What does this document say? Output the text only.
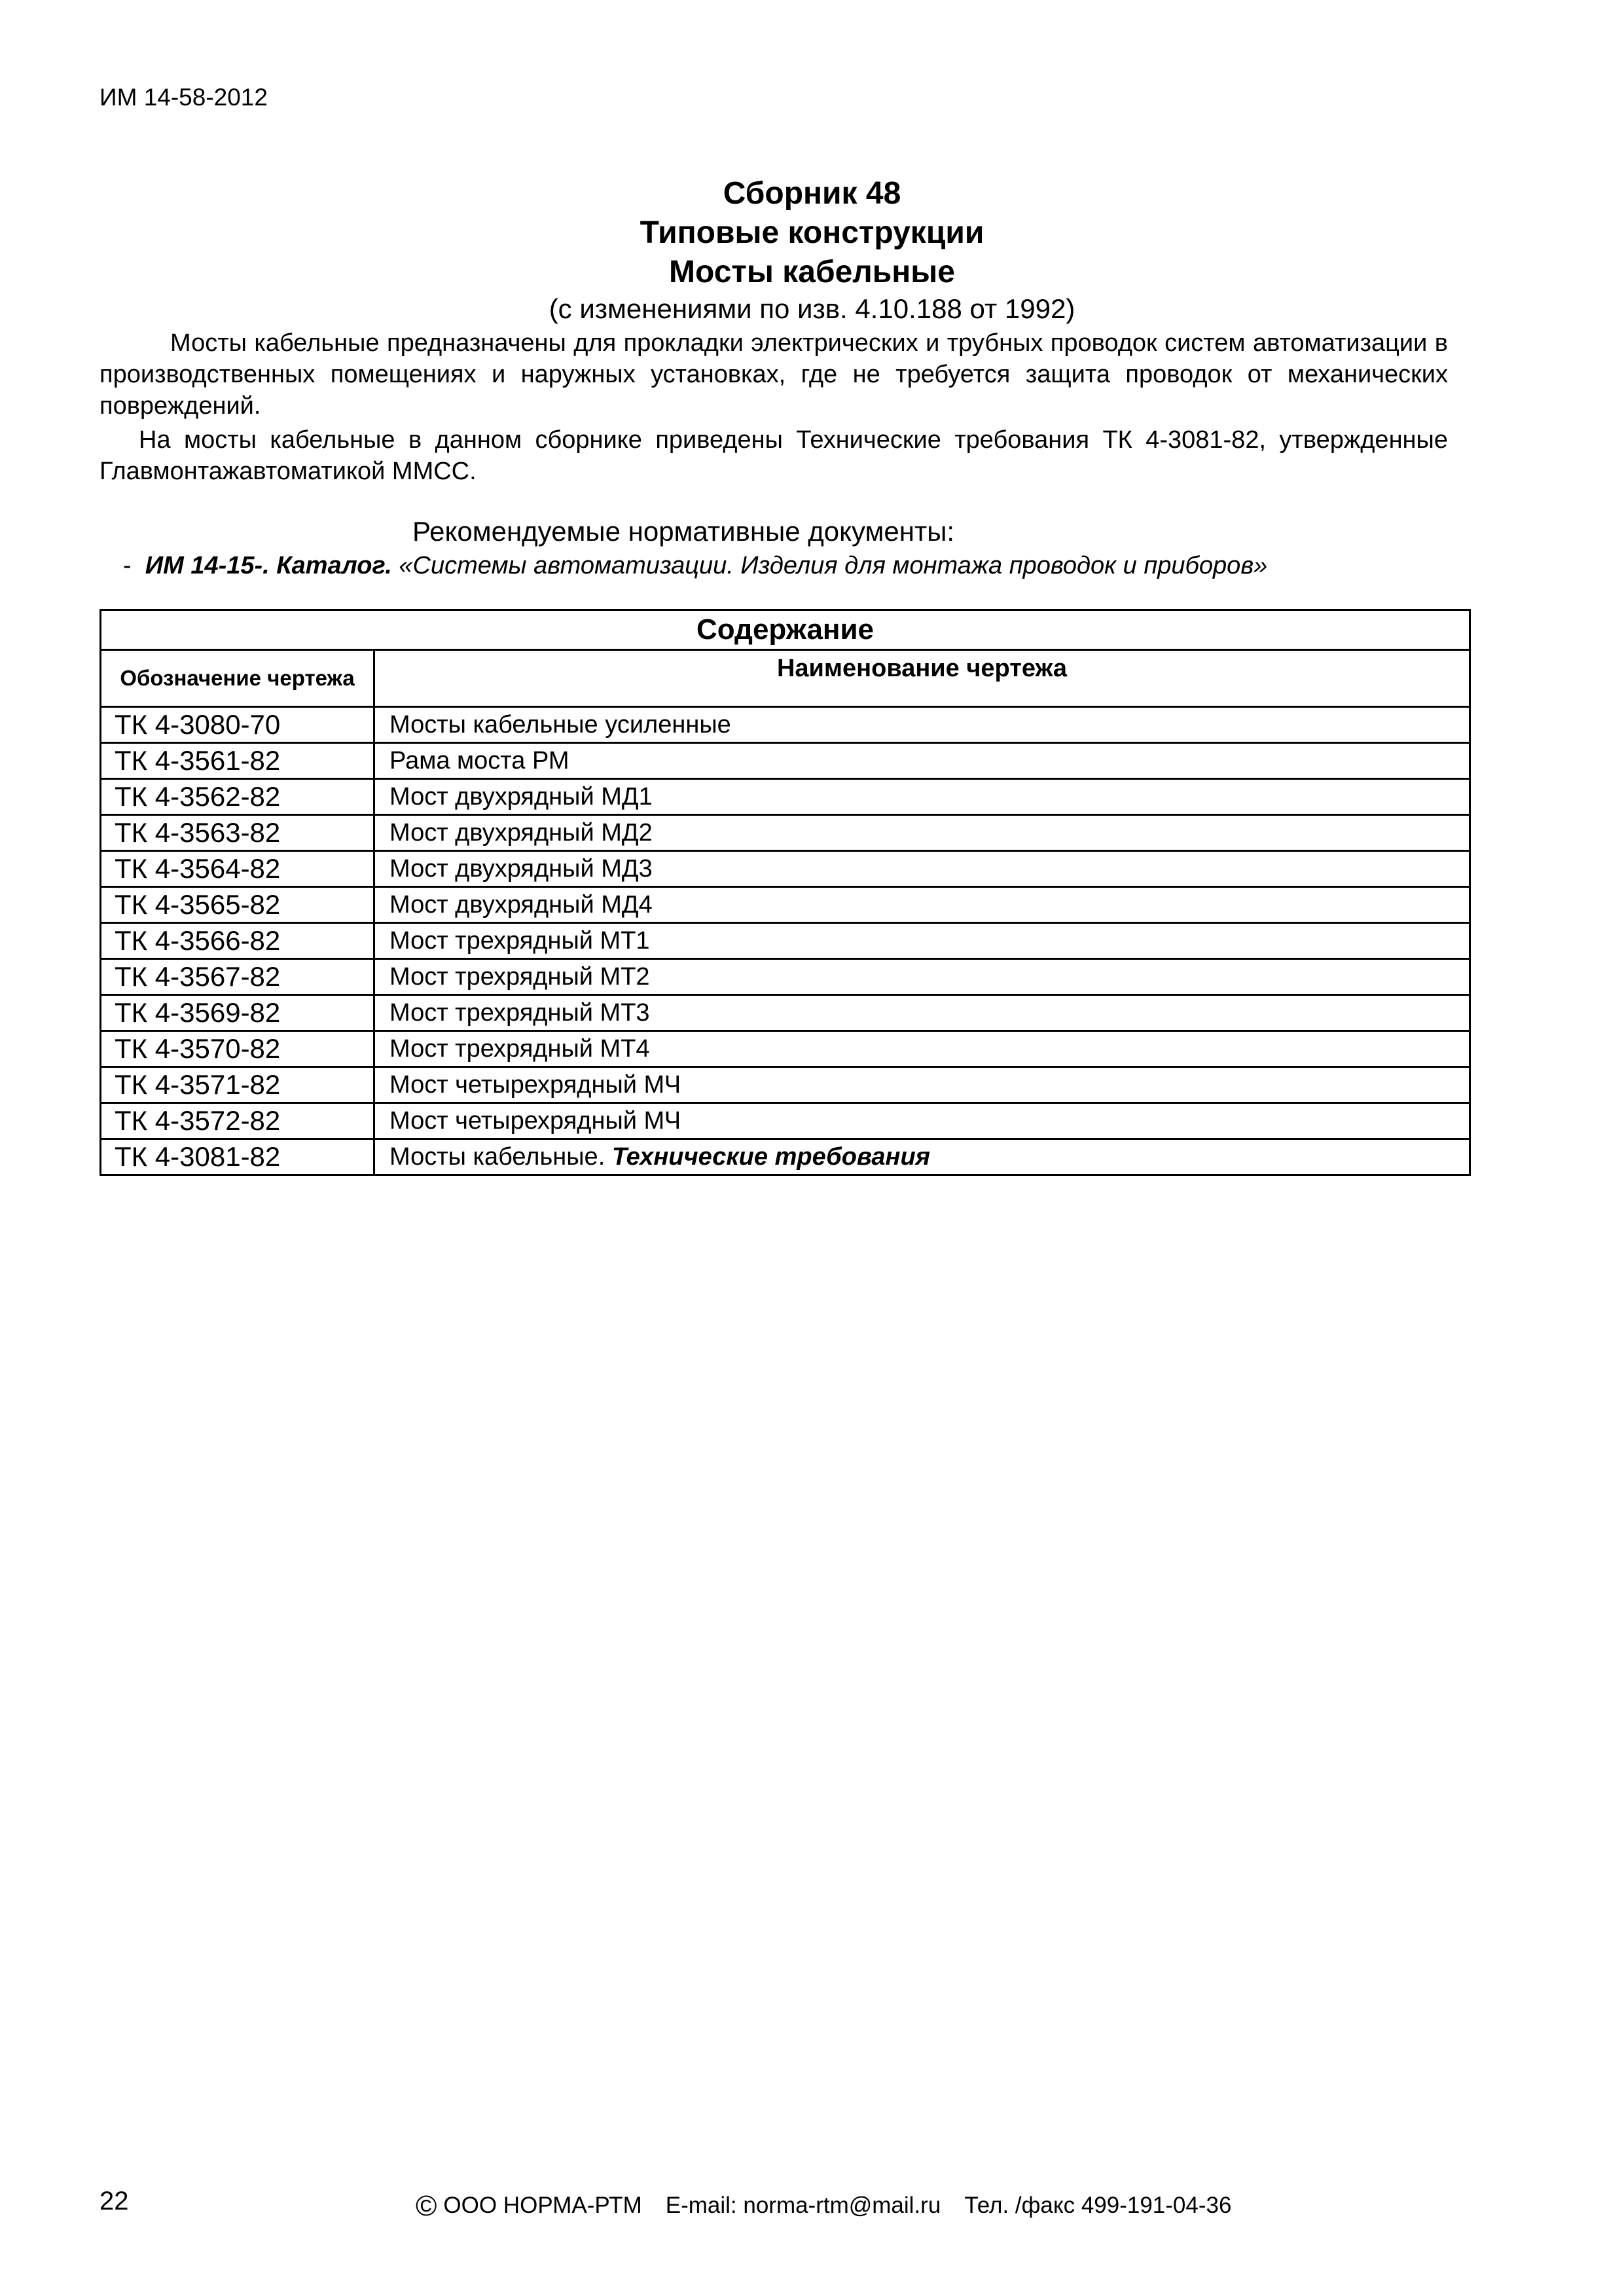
ИМ 14-58-2012
Сборник 48
Типовые конструкции
Мосты кабельные
(с изменениями по изв. 4.10.188 от 1992)
Мосты кабельные предназначены для прокладки электрических и трубных проводок систем автоматизации в производственных помещениях и наружных установках, где не требуется защита проводок от механических повреждений.
На мосты кабельные в данном сборнике приведены Технические требования ТК 4-3081-82, утвержденные Главмонтажавтоматикой ММСС.
Рекомендуемые нормативные документы:
- ИМ 14-15-. Каталог. «Системы автоматизации. Изделия для монтажа проводок и приборов»
Содержание	
Обозначение чертежа	Наименование чертежа
ТК 4-3080-70	Мосты кабельные усиленные
ТК 4-3561-82	Рама моста РМ
ТК 4-3562-82	Мост двухрядный МД1
ТК 4-3563-82	Мост двухрядный МД2
ТК 4-3564-82	Мост двухрядный МД3
ТК 4-3565-82	Мост двухрядный МД4
ТК 4-3566-82	Мост трехрядный МТ1
ТК 4-3567-82	Мост трехрядный МТ2
ТК 4-3569-82	Мост трехрядный МТ3
ТК 4-3570-82	Мост трехрядный МТ4
ТК 4-3571-82	Мост четырехрядный МЧ
ТК 4-3572-82	Мост четырехрядный МЧ
ТК 4-3081-82	Мосты кабельные. Технические требования
22	© ООО НОРМА-РТМ E-mail: norma-rtm@mail.ru Тел. /факс 499-191-04-36
